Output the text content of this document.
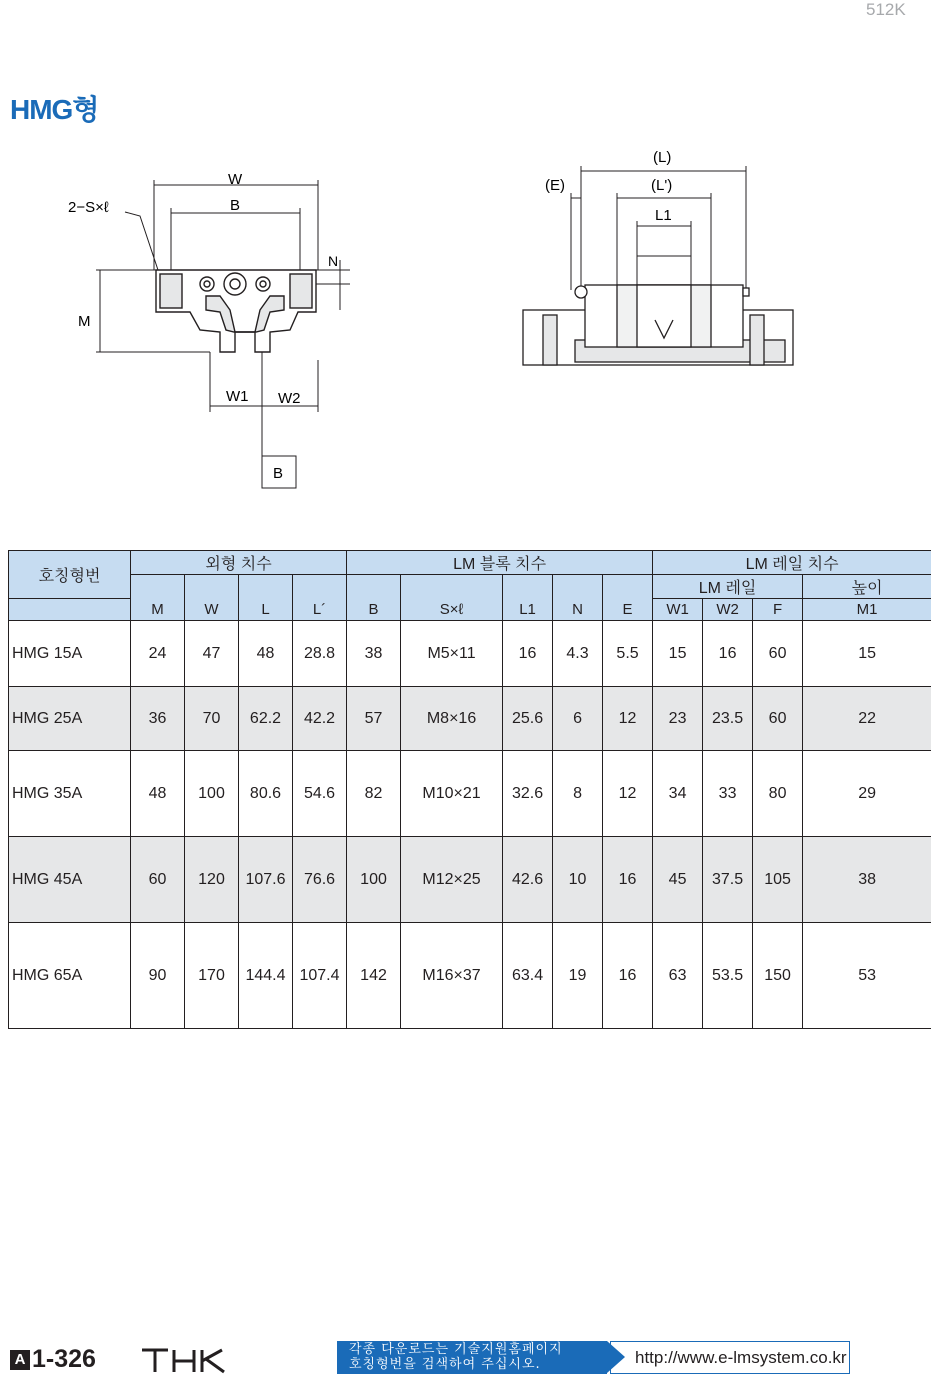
512K
HMG형
W
B
2−S×ℓ
N
M
W1 W2
B
(L)
(L')
(E)
L1
호칭형번	외형 치수				LM 블록 치수					LM 레일 치수			
										LM 레일			높이
	M	W	L	L´	B	S×ℓ	L1	N	E	W1	W2	F	M1
HMG 15A	24	47	48	28.8	38	M5×11	16	4.3	5.5	15	16	60	15
HMG 25A	36	70	62.2	42.2	57	M8×16	25.6	6	12	23	23.5	60	22
HMG 35A	48	100	80.6	54.6	82	M10×21	32.6	8	12	34	33	80	29
HMG 45A	60	120	107.6	76.6	100	M12×25	42.6	10	16	45	37.5	105	38
HMG 65A	90	170	144.4	107.4	142	M16×37	63.4	19	16	63	53.5	150	53
A 1-326	각종 다운로드는 기술지원홈페이지
호칭형번을 검색하여 주십시오.	http://www.e-lmsystem.co.kr
